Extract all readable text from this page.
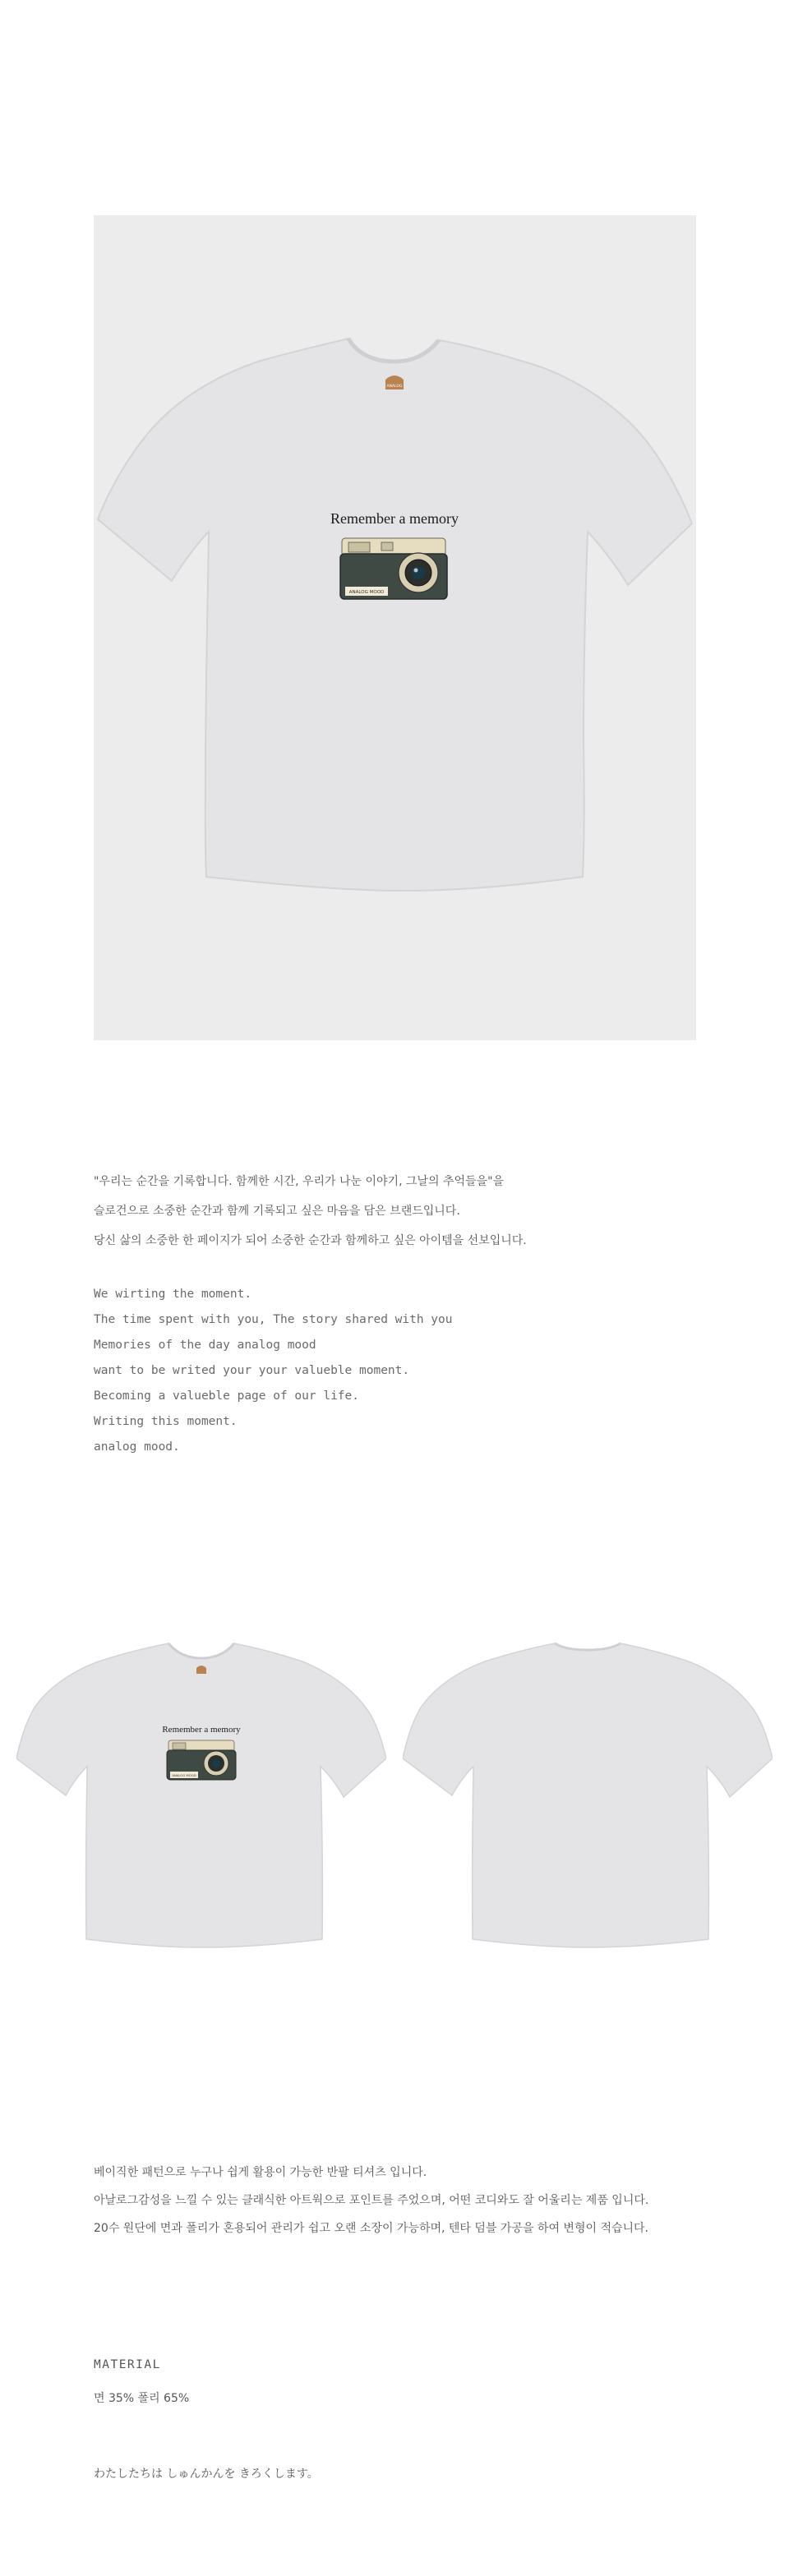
ANALOG
Remember a memory
ANALOG MOOD

"우리는 순간을 기록합니다. 함께한 시간, 우리가 나눈 이야기, 그날의 추억들을"을

슬로건으로 소중한 순간과 함께 기록되고 싶은 마음을 담은 브랜드입니다.

당신 삶의 소중한 한 페이지가 되어 소중한 순간과 함께하고 싶은 아이템을 선보입니다.

We wirting the moment.

The time spent with you, The story shared with you

Memories of the day analog mood

want to be writed your your valueble moment.

Becoming a valueble page of our life.

Writing this moment.

analog mood.

Remember a memory
ANALOG MOOD

베이직한 패턴으로 누구나 쉽게 활용이 가능한 반팔 티셔츠 입니다.

아날로그감성을 느낄 수 있는 클래식한 아트웍으로 포인트를 주었으며, 어떤 코디와도 잘 어울리는 제품 입니다.

20수 원단에 면과 폴리가 혼용되어 관리가 쉽고 오랜 소장이 가능하며, 텐타 덤블 가공을 하여 변형이 적습니다.

MATERIAL
면 35% 폴리 65%
わたしたちは しゅんかんを きろくします。
